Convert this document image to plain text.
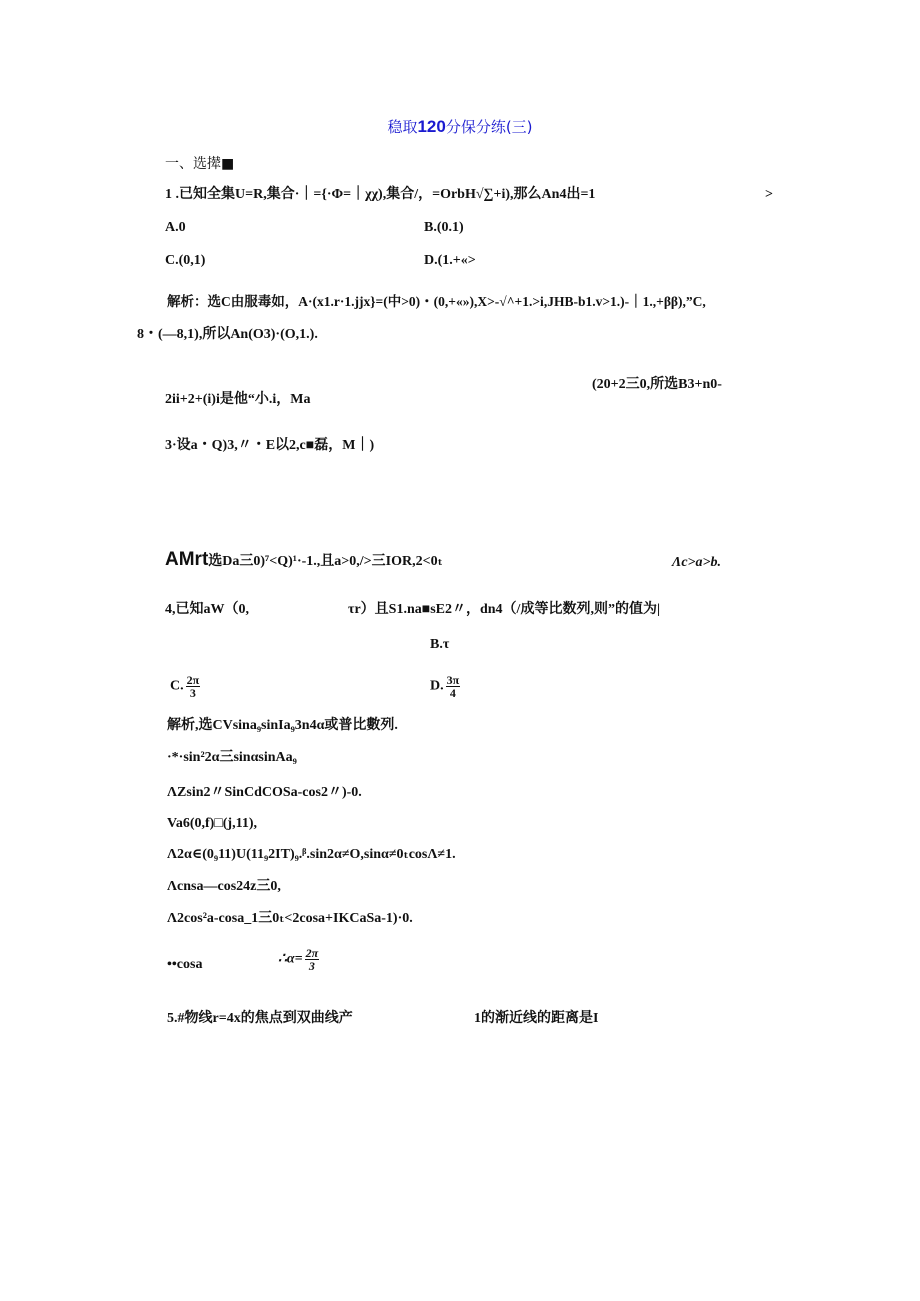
稳取120分保分练(三)
一、选撵■
1 .已知全集U=R,集合·｜={·Φ=｜χχ),集合/，=OrbH√∑+i),那么An4出=1	>
A.0	B.(0.1)
C.(0,1)	D.(1.+«>
解析：选C由服毒如，A·(x1.r·1.jjx}=(中>0)・(0,+«»),X>-√^+1.>i,JHB-b1.v>1.)-｜1.,+ββ),”C,
8・(—8,1),所以An(O3)·(O,1.).
(20+2三0,所选B3+n0-
2ii+2+(i)i是他“小.i，Ma
3·设a・Q)3,〃・E以2,c■磊，M｜)
AMrt选Da三0)⁷<Q)¹·-1.,且a>0,/>三IOR,2<0ₜ	Λc>a>b.
4,已知aW（0,	τr）且S1.na■sE2〃，dn4（/成等比数列,则”的值为|
B.τ
C. $\frac{2\pi}{3}$	D. $\frac{3\pi}{4}$
解析,选CVsina₉sinIa₉3n4α或普比數列.
·*·sin²2α三sinαsinAa₉
ΛZsin2〃SinCdCOSa-cos2〃)-0.
Va6(0,f)□(j,11),
Λ2α∈(0₉11)U(11₉2IT)₉.ᵝ.sin2α≠O,sinα≠0ₜcosΛ≠1.
Λcnsa—cos24z三0,
Λ2cos²a-cosa_1三0ₜ<2cosa+IKCaSa-1)·0.
••cosa	∴α= $\frac{2\pi}{3}$
5.#物线r=4x的焦点到双曲线产	1的渐近线的距离是I
